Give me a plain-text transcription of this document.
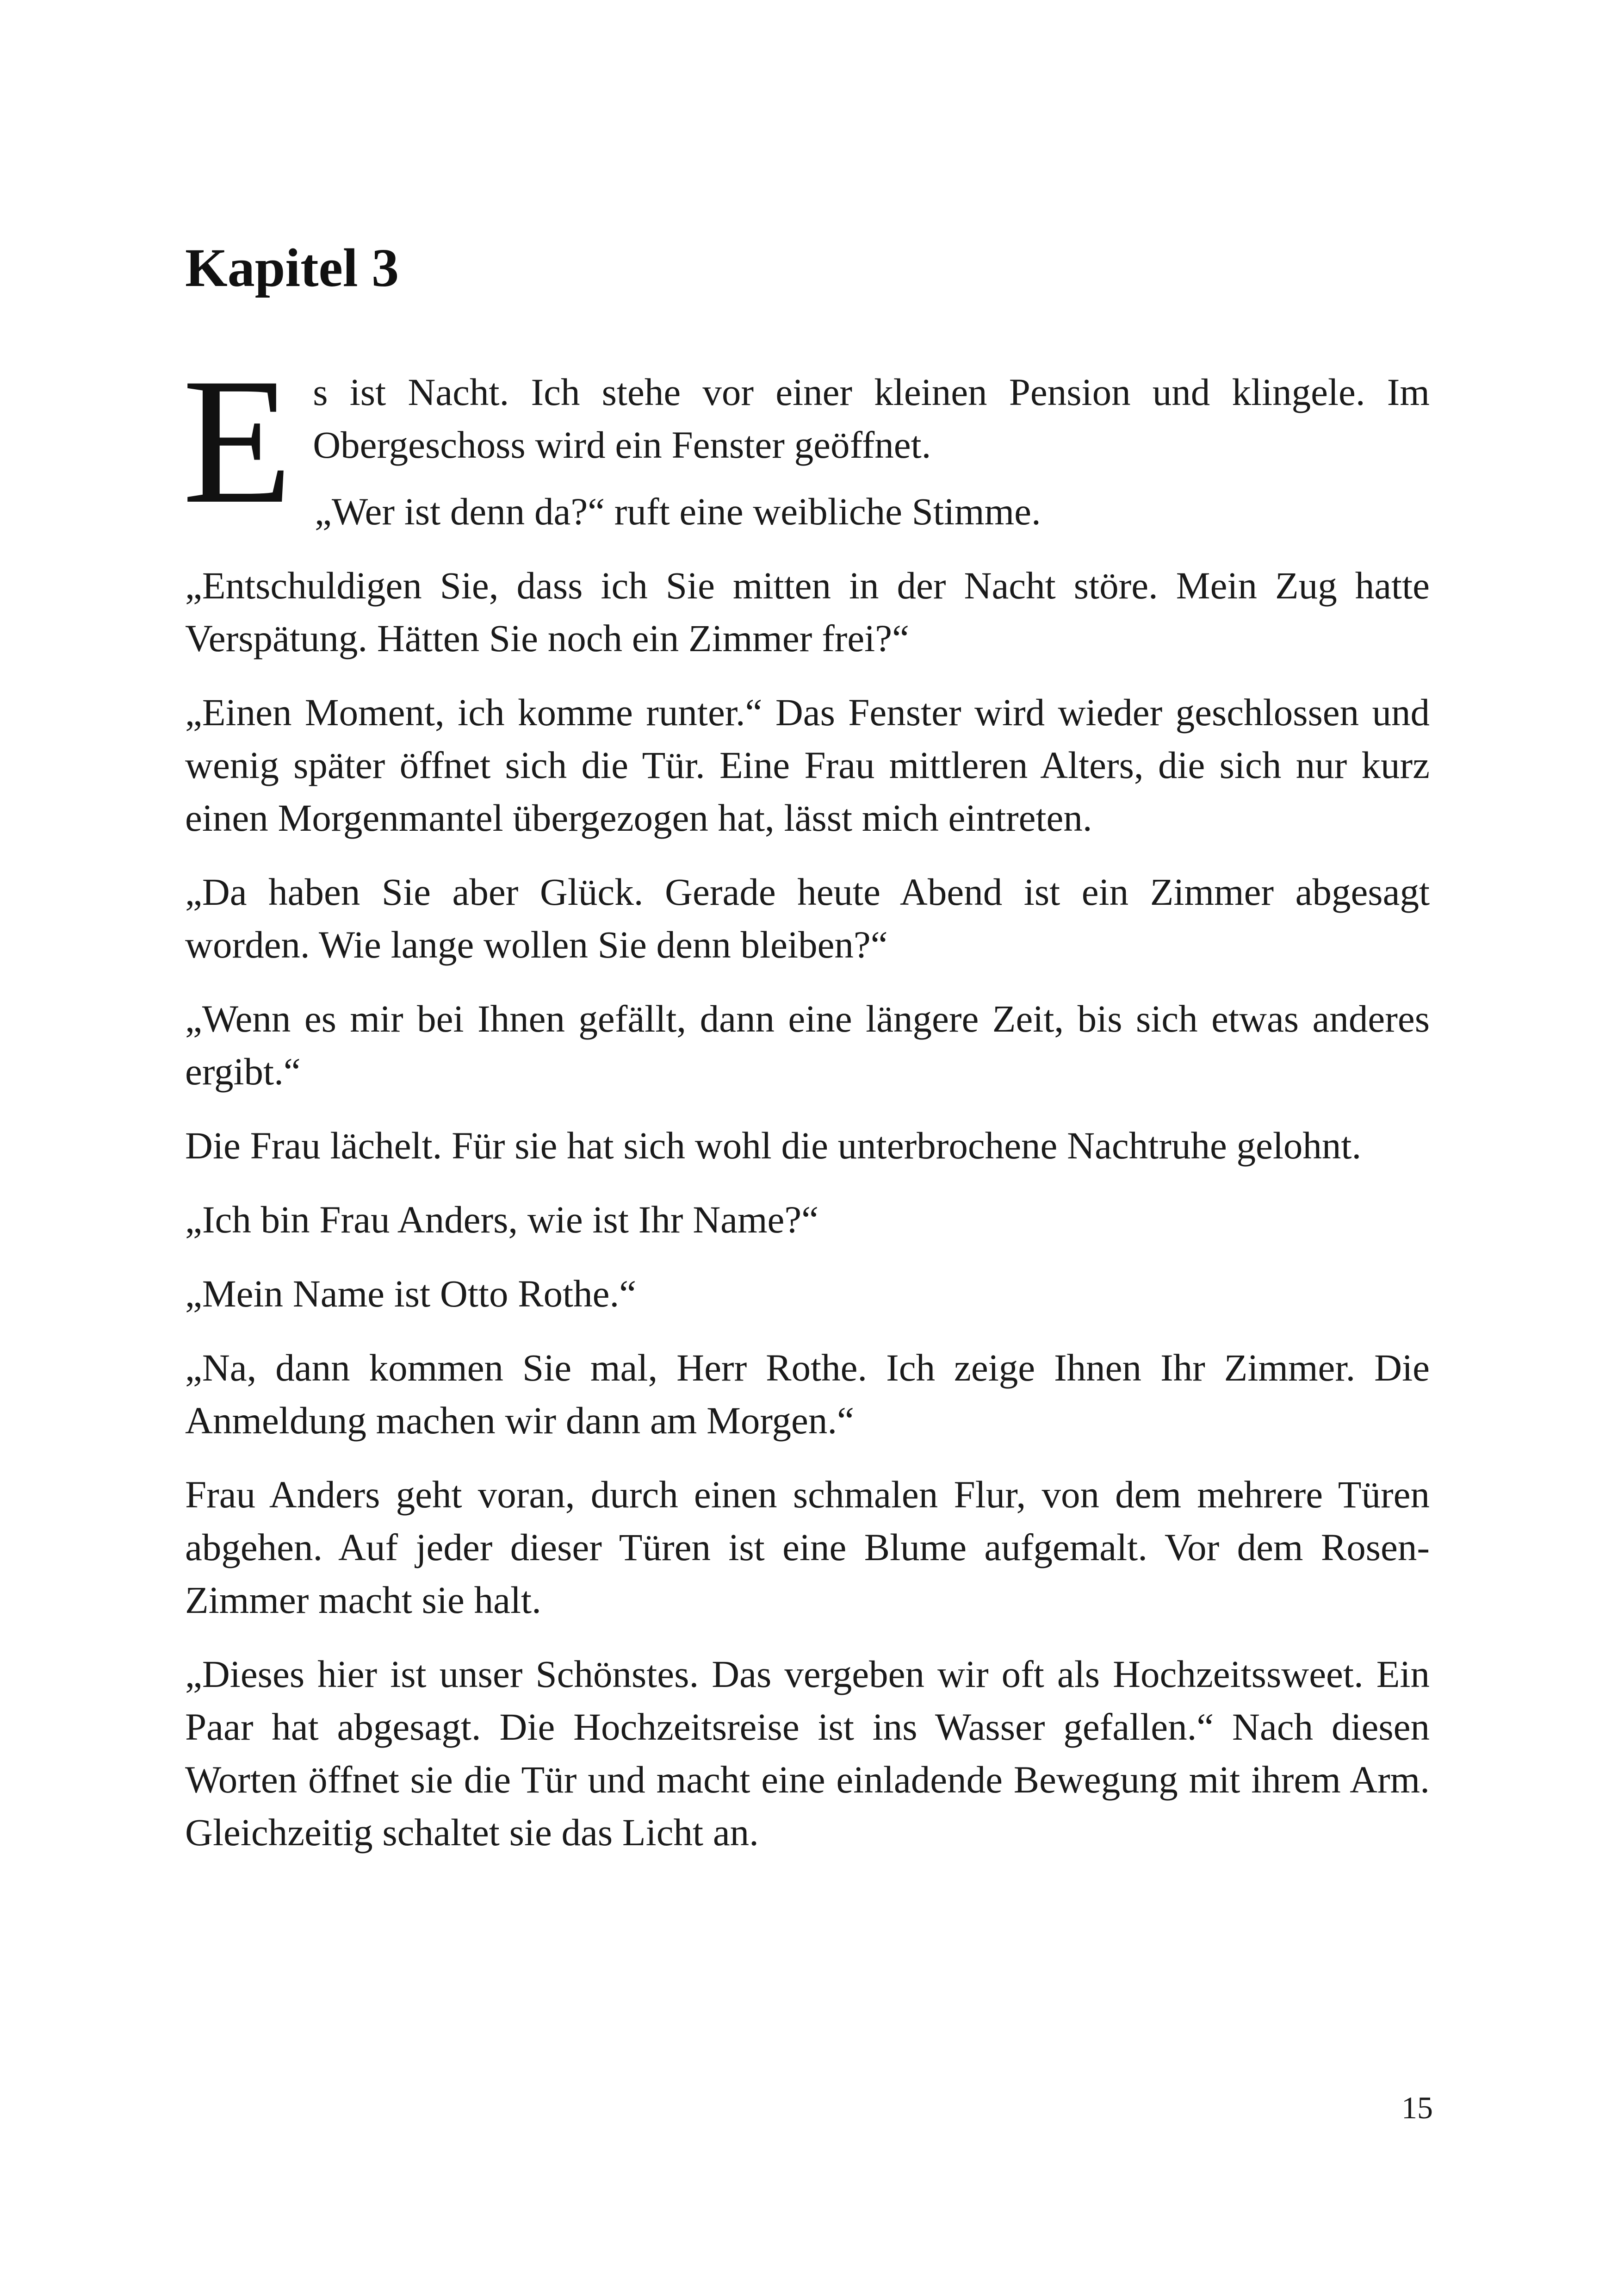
Kapitel 3

Es ist Nacht. Ich stehe vor einer kleinen Pension und klingele. Im Obergeschoss wird ein Fenster geöffnet.

„Wer ist denn da?“ ruft eine weibliche Stimme.

„Entschuldigen Sie, dass ich Sie mitten in der Nacht störe. Mein Zug hatte Verspätung. Hätten Sie noch ein Zimmer frei?“

„Einen Moment, ich komme runter.“ Das Fenster wird wieder geschlossen und wenig später öffnet sich die Tür. Eine Frau mittleren Alters, die sich nur kurz einen Morgenmantel übergezogen hat, lässt mich eintreten.

„Da haben Sie aber Glück. Gerade heute Abend ist ein Zimmer abgesagt worden. Wie lange wollen Sie denn bleiben?“

„Wenn es mir bei Ihnen gefällt, dann eine längere Zeit, bis sich etwas anderes ergibt.“

Die Frau lächelt. Für sie hat sich wohl die unterbrochene Nachtruhe gelohnt.

„Ich bin Frau Anders, wie ist Ihr Name?“

„Mein Name ist Otto Rothe.“

„Na, dann kommen Sie mal, Herr Rothe. Ich zeige Ihnen Ihr Zimmer. Die Anmeldung machen wir dann am Morgen.“

Frau Anders geht voran, durch einen schmalen Flur, von dem mehrere Türen abgehen. Auf jeder dieser Türen ist eine Blume aufgemalt. Vor dem Rosen-Zimmer macht sie halt.

„Dieses hier ist unser Schönstes. Das vergeben wir oft als Hochzeitssweet. Ein Paar hat abgesagt. Die Hochzeitsreise ist ins Wasser gefallen.“ Nach diesen Worten öffnet sie die Tür und macht eine einladende Bewegung mit ihrem Arm. Gleichzeitig schaltet sie das Licht an.

15
